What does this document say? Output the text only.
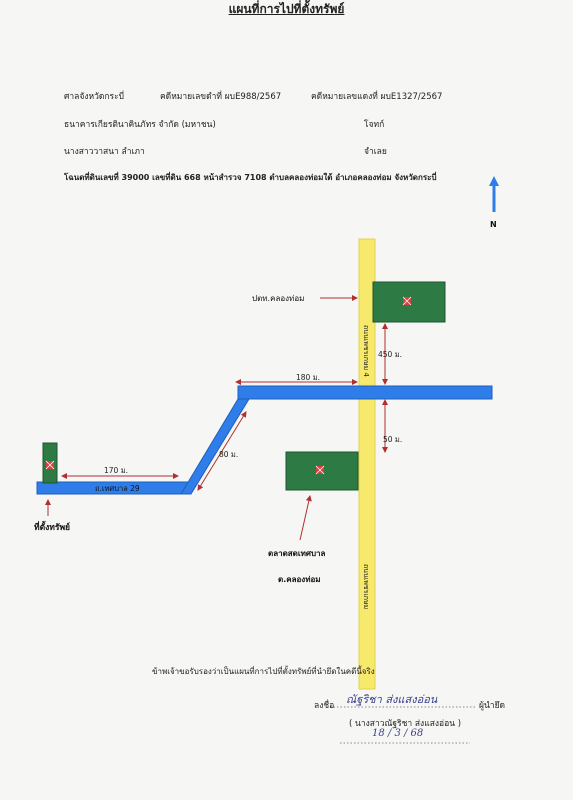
แผนที่การไปที่ตั้งทรัพย์
ศาลจังหวัดกระบี่	คดีหมายเลขดำที่ ผบE988/2567	คดีหมายเลขแดงที่ ผบE1327/2567
ธนาคารเกียรตินาคินภัทร จำกัด (มหาชน)	โจทก์
นางสาววาสนา ลำเภา	จำเลย
โฉนดที่ดินเลขที่ 39000 เลขที่ดิน 668 หน้าสำรวจ 7108 ตำบลคลองท่อมใต้ อำเภอคลองท่อม จังหวัดกระบี่
ถนนเพชรเกษม 4
ถนนเพชรเกษม
ถ.เทศบาล 29
170 ม.
80 ม.
180 ม.
450 ม.
50 ม.
ปตท.คลองท่อม
ตลาดสดเทศบาล
ต.คลองท่อม
ที่ตั้งทรัพย์
N
ข้าพเจ้าขอรับรองว่าเป็นแผนที่การไปที่ตั้งทรัพย์ที่นำยึดในคดีนี้จริง
ลงชื่อ ณัฐริชา ส่งแสงอ่อน	ผู้นำยึด
( นางสาวณัฐริชา ส่งแสงอ่อน )
18 / 3 / 68
